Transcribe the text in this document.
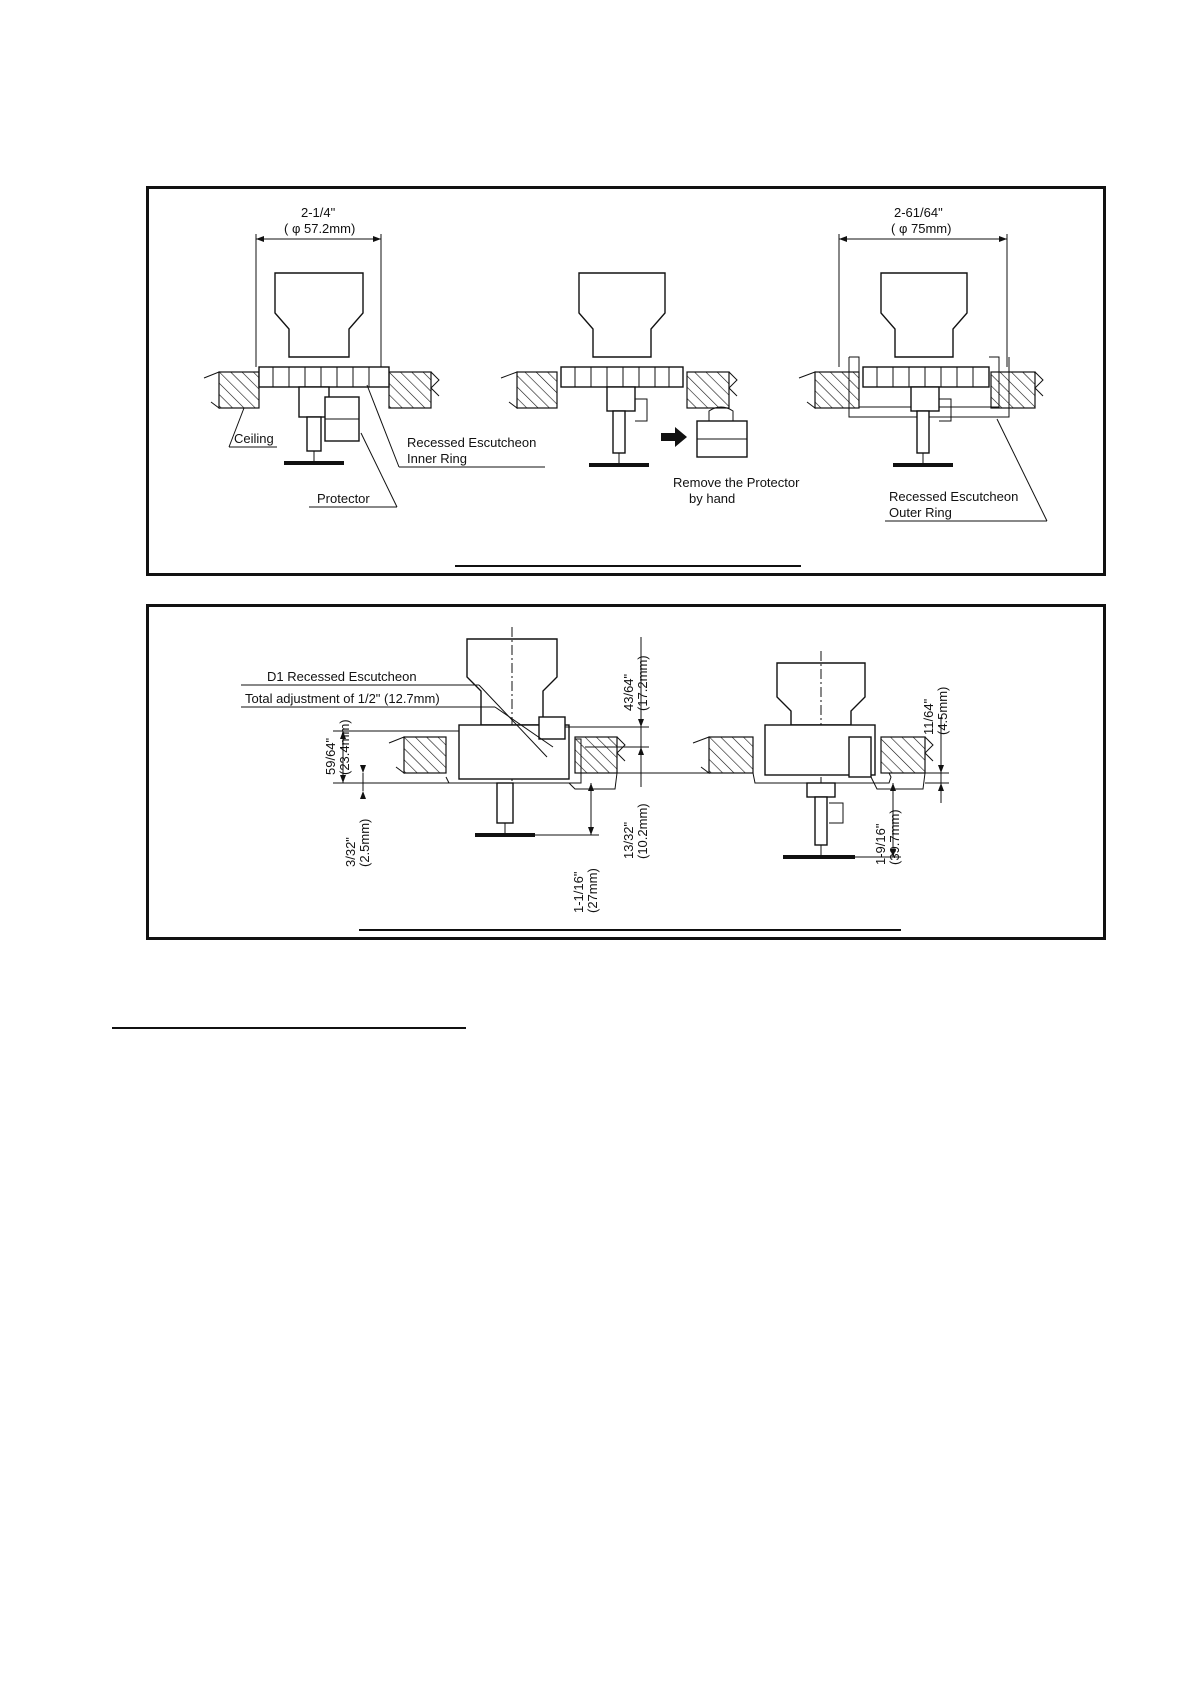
2-1/4"
( φ 57.2mm)
Ceiling	Recessed Escutcheon
Inner Ring
Protector
Remove the Protector
by hand
2-61/64"
( φ 75mm)
Recessed Escutcheon
Outer Ring
D1 Recessed Escutcheon
Total adjustment of 1/2" (12.7mm)
59/64" (23.4mm)
3/32" (2.5mm)
43/64" (17.2mm)
13/32" (10.2mm)
1-1/16" (27mm)
11/64" (4.5mm)
1-9/16" (39.7mm)
